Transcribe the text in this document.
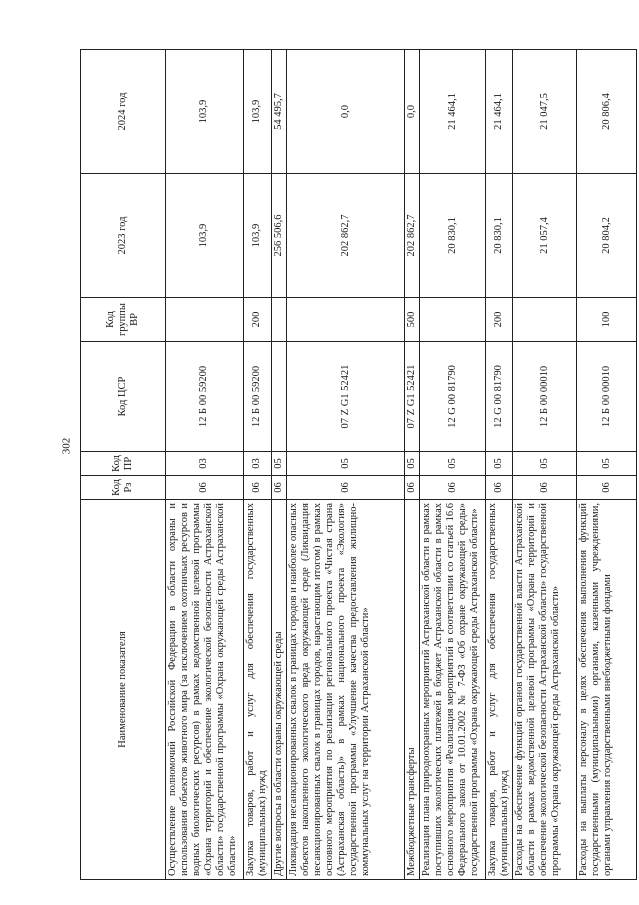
302
Наименование показателя	Код Рз	Код ПР	Код ЦСР	Код группы ВР	2023 год	2024 год
Осуществление полномочий Российской Федерации в области охраны и использования объектов животного мира (за исключением охотничьих ресурсов и водных биологических ресурсов) в рамках ведомственной целевой программы «Охрана территорий и обеспечение экологической безопасности Астраханской области» государственной программы «Охрана окружающей среды Астраханской области»	06	03	12 Б 00 59200		103,9	103,9
Закупка товаров, работ и услуг для обеспечения государственных (муниципальных) нужд	06	03	12 Б 00 59200	200	103,9	103,9
Другие вопросы в области охраны окружающей среды	06	05			256 506,6	54 495,7
Ликвидация несанкционированных свалок в границах городов и наиболее опасных объектов накопленного экологического вреда окружающей среде (Ликвидация несанкционированных свалок в границах городов, нарастающим итогом) в рамках основного мероприятия по реализации регионального проекта «Чистая страна (Астраханская область)» в рамках национального проекта «Экология» государственной программы «Улучшение качества предоставления жилищно-коммунальных услуг на территории Астраханской области»	06	05	07 Z G1 52421		202 862,7	0,0
Межбюджетные трансферты	06	05	07 Z G1 52421	500	202 862,7	0,0
Реализация плана природоохранных мероприятий Астраханской области в рамках поступивших экологических платежей в бюджет Астраханской области в рамках основного мероприятия «Реализация мероприятий в соответствии со статьей 16.6 Федерального закона от 10.01.2002 № 7-ФЗ «Об охране окружающей среды» государственной программы «Охрана окружающей среды Астраханской области»	06	05	12 G 00 81790		20 830,1	21 464,1
Закупка товаров, работ и услуг для обеспечения государственных (муниципальных) нужд	06	05	12 G 00 81790	200	20 830,1	21 464,1
Расходы на обеспечение функций органов государственной власти Астраханской области в рамках ведомственной целевой программы «Охрана территорий и обеспечение экологической безопасности Астраханской области» государственной программы «Охрана окружающей среды Астраханской области»	06	05	12 Б 00 00010		21 057,4	21 047,5
Расходы на выплаты персоналу в целях обеспечения выполнения функций государственными (муниципальными) органами, казенными учреждениями, органами управления государственными внебюджетными фондами	06	05	12 Б 00 00010	100	20 804,2	20 806,4
